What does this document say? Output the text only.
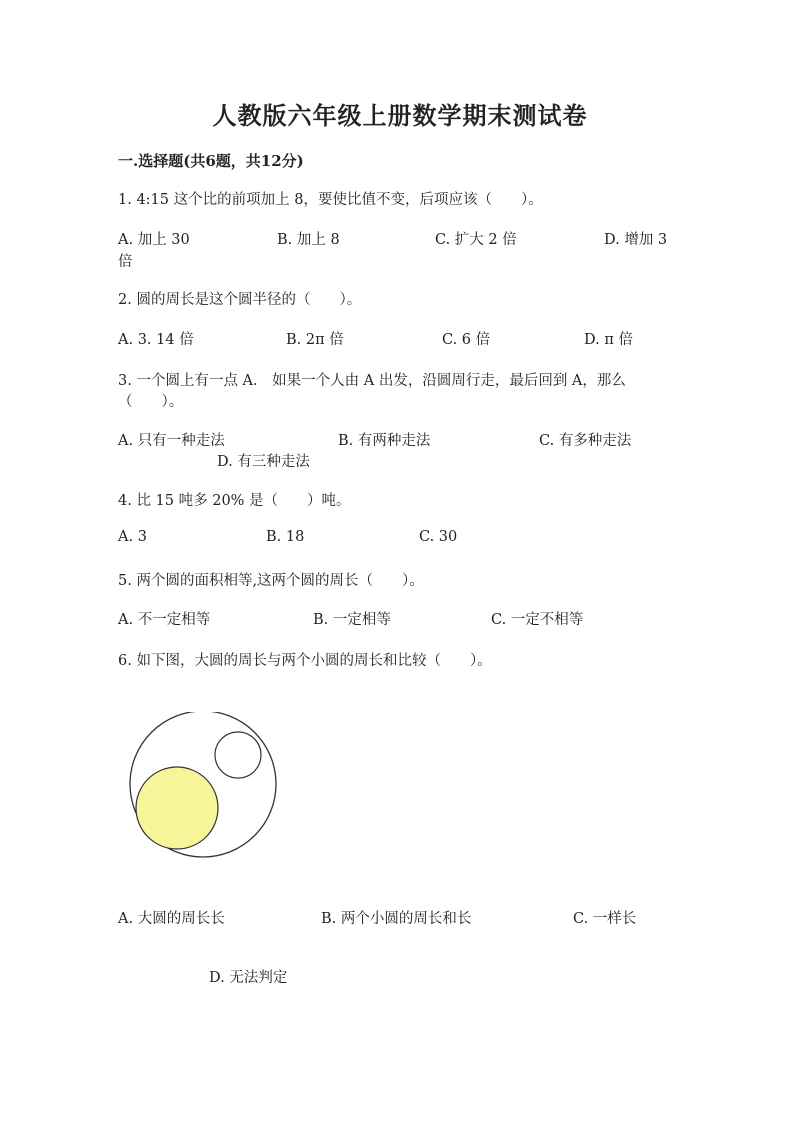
人教版六年级上册数学期末测试卷
一.选择题(共6题，共12分)
1. 4:15 这个比的前项加上 8，要使比值不变，后项应该（　　）。
A. 加上 30	B. 加上 8	C. 扩大 2 倍	D. 增加 3
倍
2. 圆的周长是这个圆半径的（　　）。
A. 3. 14 倍	B. 2π 倍	C. 6 倍	D. π 倍
3. 一个圆上有一点 A． 如果一个人由 A 出发，沿圆周行走，最后回到 A，那么
（　　）。
A. 只有一种走法	B. 有两种走法	C. 有多种走法
D. 有三种走法
4. 比 15 吨多 20% 是（　　）吨。
A. 3	B. 18	C. 30
5. 两个圆的面积相等,这两个圆的周长（　　）。
A. 不一定相等	B. 一定相等	C. 一定不相等
6. 如下图，大圆的周长与两个小圆的周长和比较（　　）。
A. 大圆的周长长	B. 两个小圆的周长和长	C. 一样长
D. 无法判定
